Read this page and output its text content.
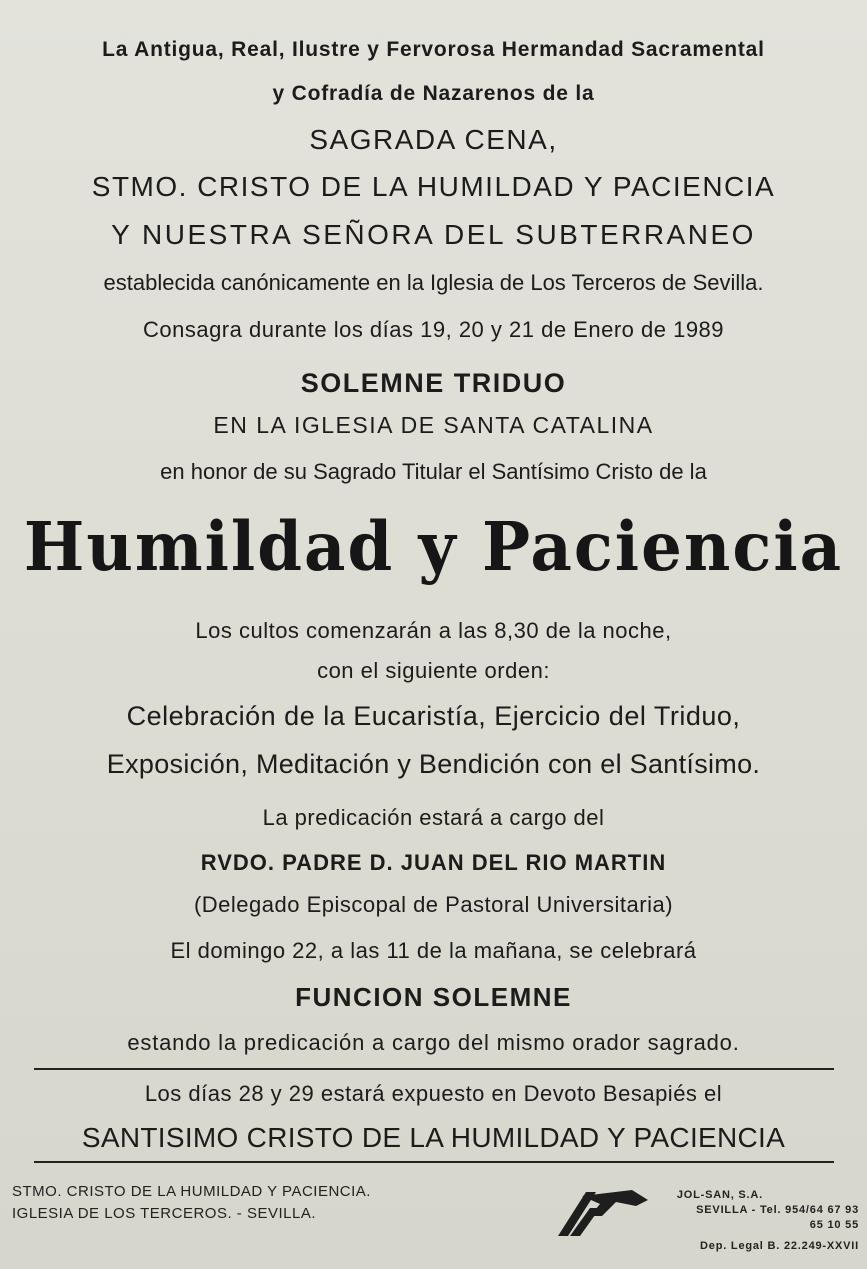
La Antigua, Real, Ilustre y Fervorosa Hermandad Sacramental

y Cofradía de Nazarenos de la

SAGRADA CENA,

STMO. CRISTO DE LA HUMILDAD Y PACIENCIA

Y NUESTRA SEÑORA DEL SUBTERRANEO

establecida canónicamente en la Iglesia de Los Terceros de Sevilla.

Consagra durante los días 19, 20 y 21 de Enero de 1989

SOLEMNE TRIDUO

EN LA IGLESIA DE SANTA CATALINA

en honor de su Sagrado Titular el Santísimo Cristo de la

Humildad y Paciencia

Los cultos comenzarán a las 8,30 de la noche,

con el siguiente orden:

Celebración de la Eucaristía, Ejercicio del Triduo,

Exposición, Meditación y Bendición con el Santísimo.

La predicación estará a cargo del

RVDO. PADRE D. JUAN DEL RIO MARTIN

(Delegado Episcopal de Pastoral Universitaria)

El domingo 22, a las 11 de la mañana, se celebrará

FUNCION SOLEMNE

estando la predicación a cargo del mismo orador sagrado.

Los días 28 y 29 estará expuesto en Devoto Besapiés el

SANTISIMO CRISTO DE LA HUMILDAD Y PACIENCIA

STMO. CRISTO DE LA HUMILDAD Y PACIENCIA.
IGLESIA DE LOS TERCEROS. - SEVILLA.
JOL-SAN, S.A.
SEVILLA - Tel. 954/64 67 93
65 10 55
Dep. Legal B. 22.249-XXVII
